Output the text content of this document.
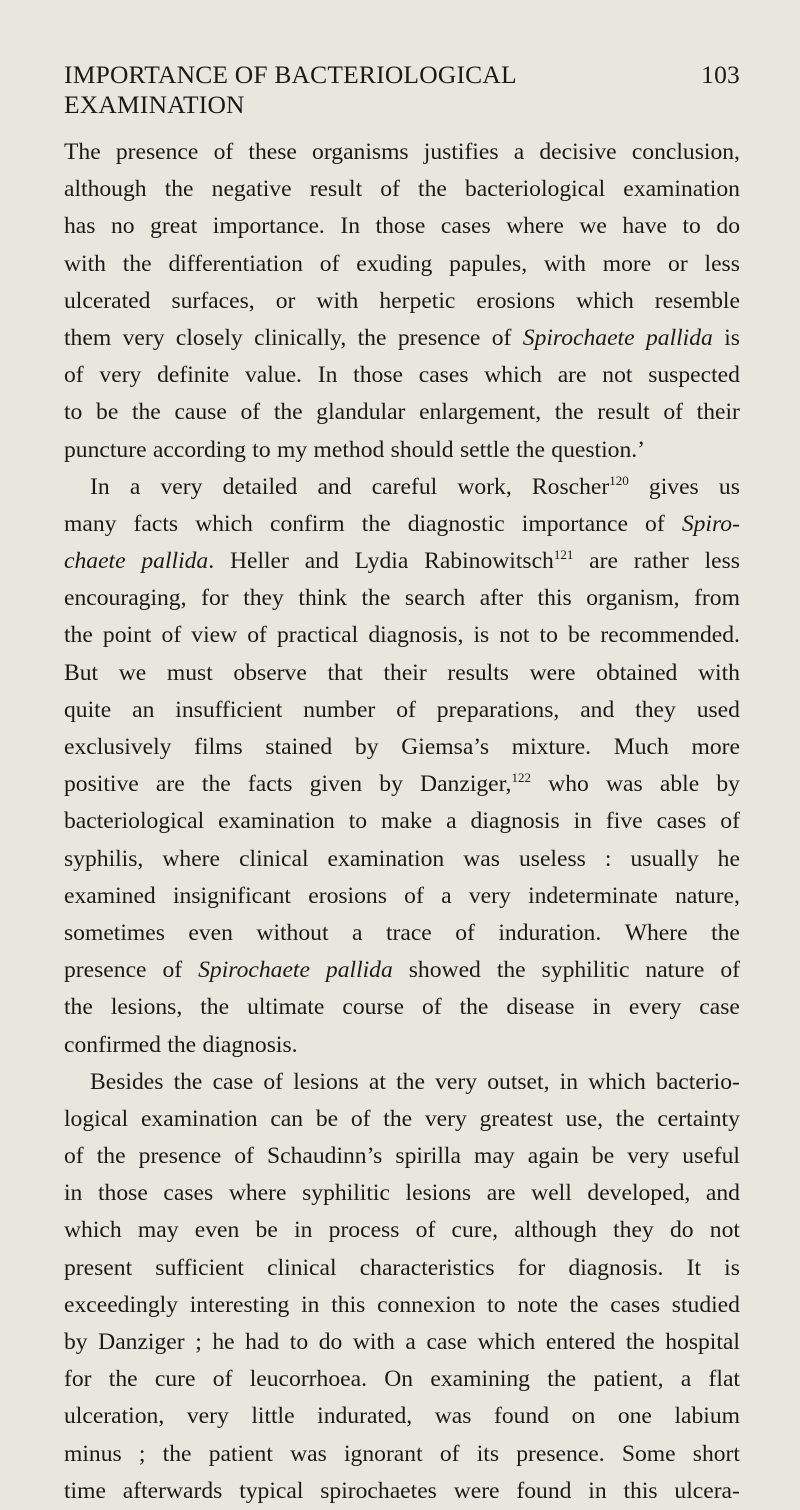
IMPORTANCE OF BACTERIOLOGICAL EXAMINATION
103
The presence of these organisms justifies a decisive conclusion,
although the negative result of the bacteriological examination
has no great importance. In those cases where we have to do
with the differentiation of exuding papules, with more or less
ulcerated surfaces, or with herpetic erosions which resemble
them very closely clinically, the presence of Spirochaete pallida is
of very definite value. In those cases which are not suspected
to be the cause of the glandular enlargement, the result of their
puncture according to my method should settle the question.’
In a very detailed and careful work, Roscher$^{120}$ gives us
many facts which confirm the diagnostic importance of Spiro-
chaete pallida. Heller and Lydia Rabinowitsch$^{121}$ are rather less
encouraging, for they think the search after this organism, from
the point of view of practical diagnosis, is not to be recommended.
But we must observe that their results were obtained with
quite an insufficient number of preparations, and they used
exclusively films stained by Giemsa’s mixture. Much more
positive are the facts given by Danziger,$^{122}$ who was able by
bacteriological examination to make a diagnosis in five cases of
syphilis, where clinical examination was useless : usually he
examined insignificant erosions of a very indeterminate nature,
sometimes even without a trace of induration. Where the
presence of Spirochaete pallida showed the syphilitic nature of
the lesions, the ultimate course of the disease in every case
confirmed the diagnosis.
Besides the case of lesions at the very outset, in which bacterio-
logical examination can be of the very greatest use, the certainty
of the presence of Schaudinn’s spirilla may again be very useful
in those cases where syphilitic lesions are well developed, and
which may even be in process of cure, although they do not
present sufficient clinical characteristics for diagnosis. It is
exceedingly interesting in this connexion to note the cases studied
by Danziger ; he had to do with a case which entered the hospital
for the cure of leucorrhoea. On examining the patient, a flat
ulceration, very little indurated, was found on one labium
minus ; the patient was ignorant of its presence. Some short
time afterwards typical spirochaetes were found in this ulcera-
